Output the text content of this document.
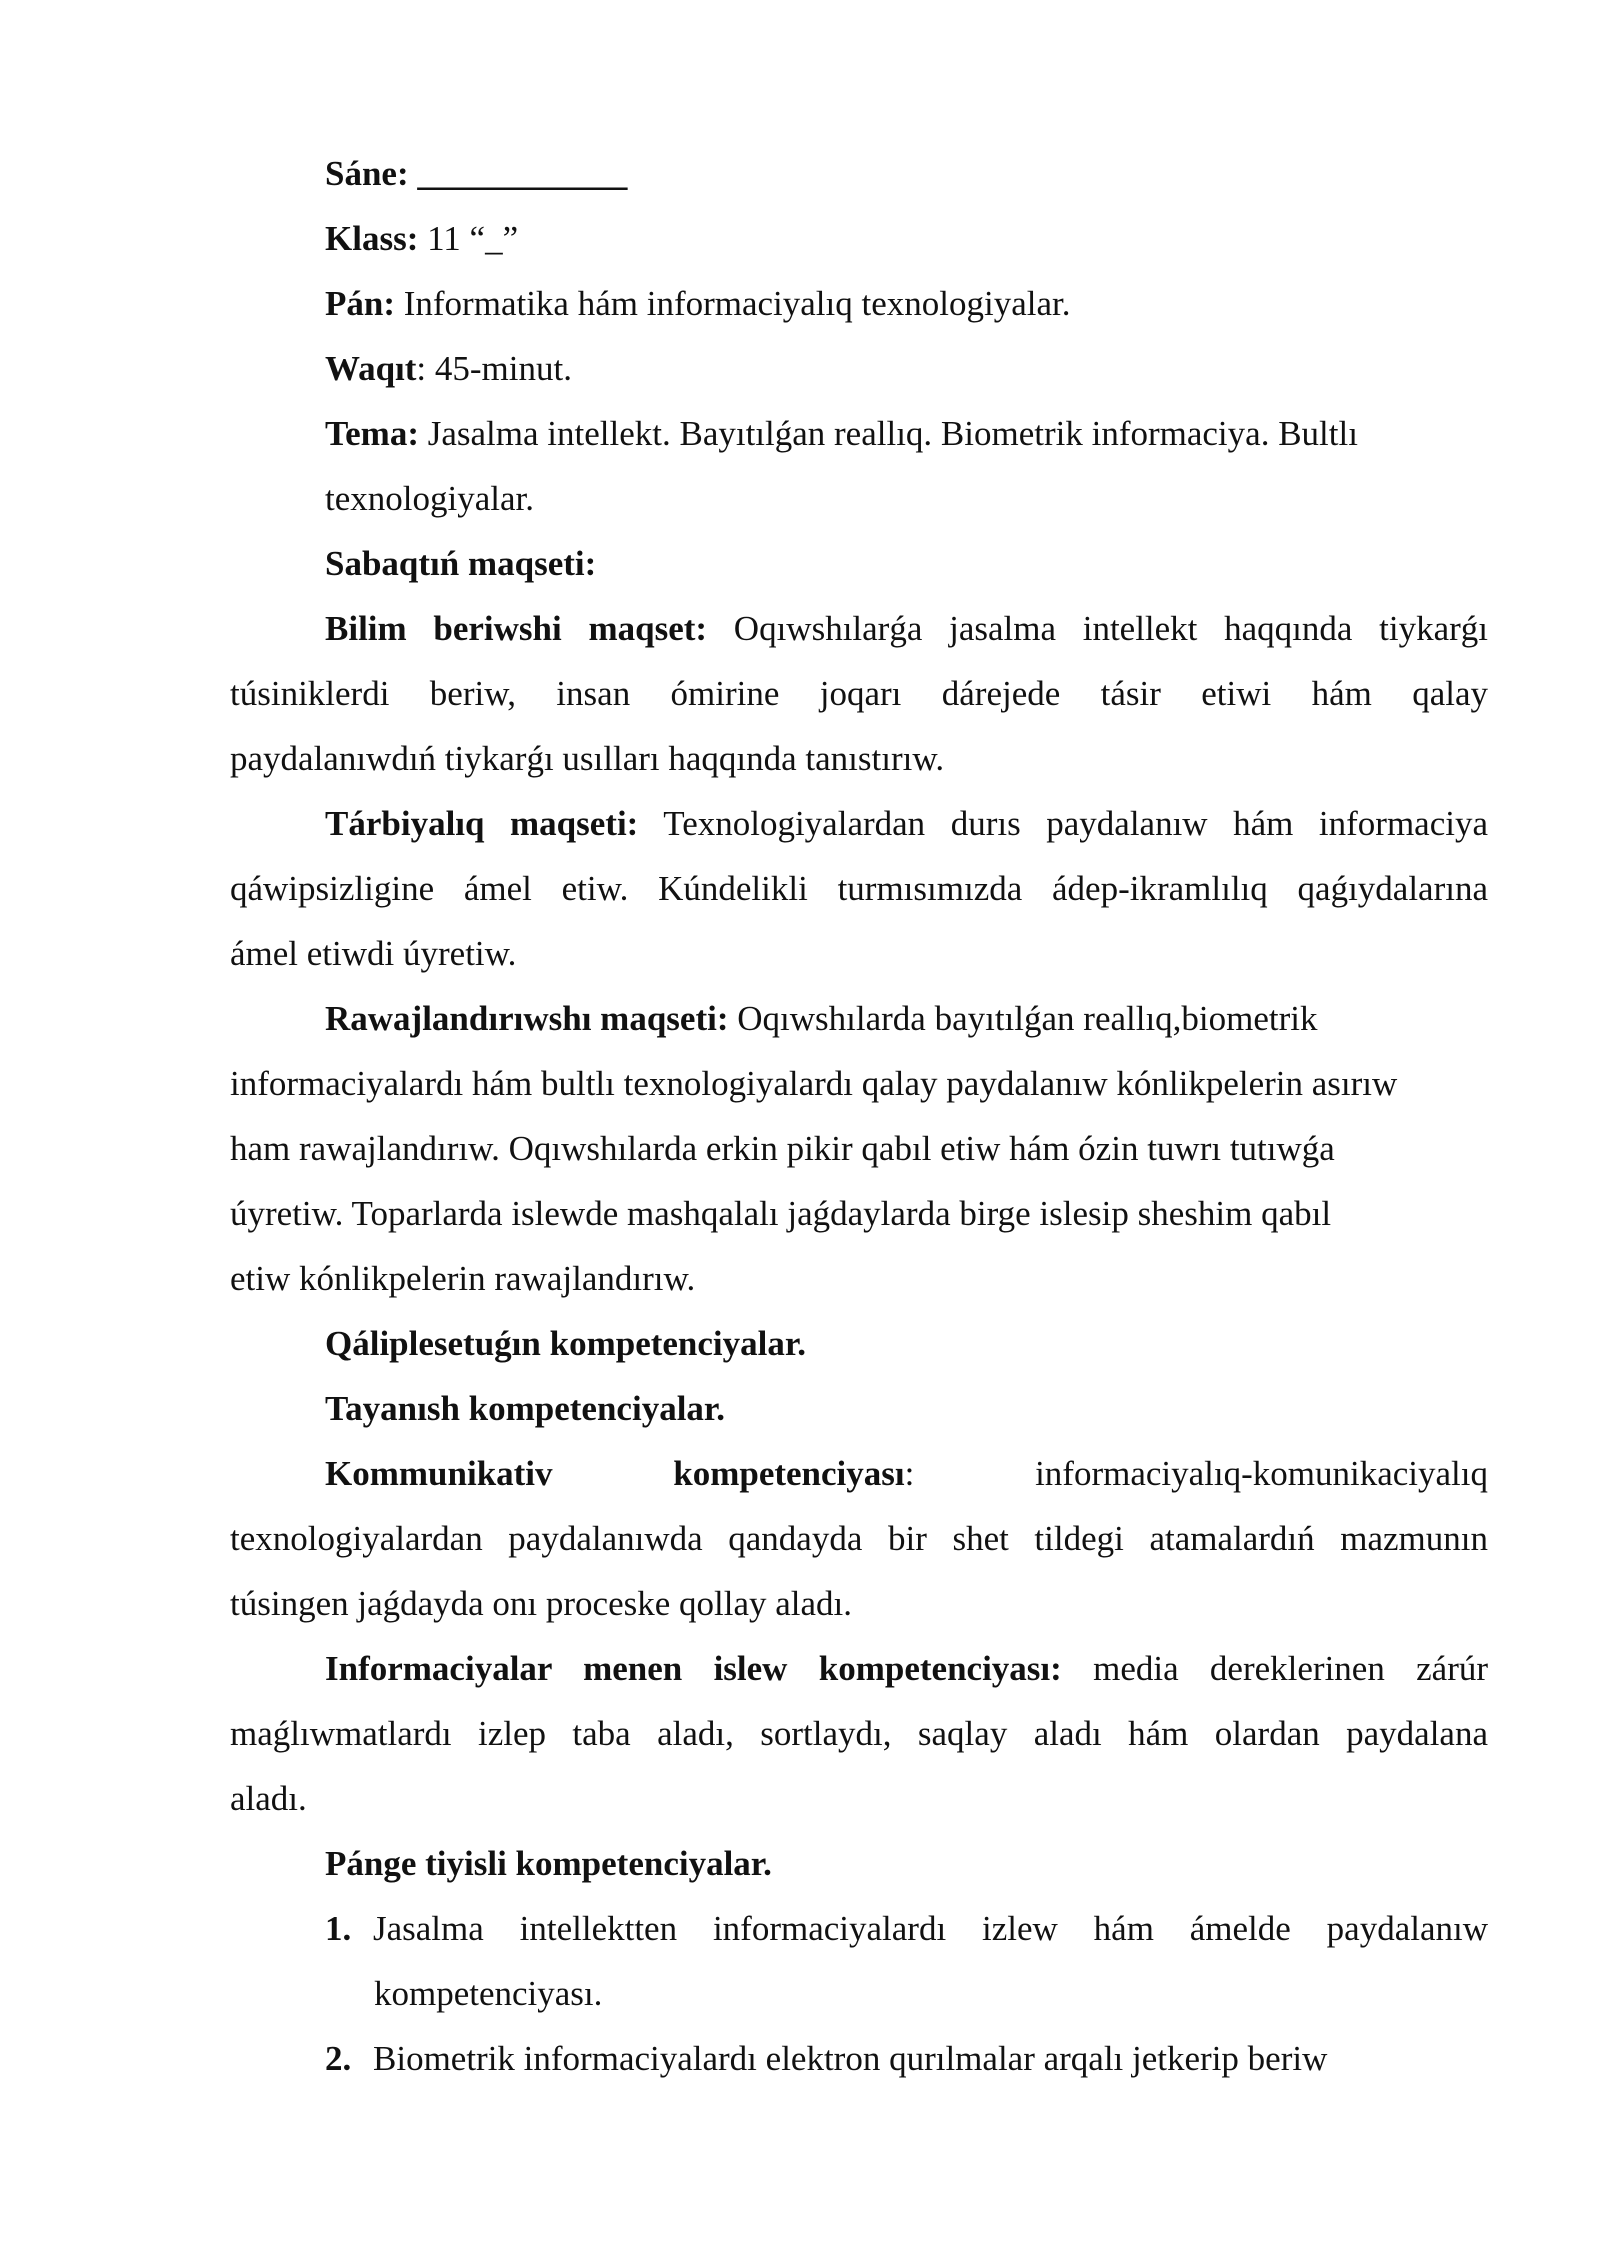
Sáne: ____________
Klass: 11 “_”
Pán: Informatika hám informaciyalıq texnologiyalar.
Waqıt: 45-minut.
Tema: Jasalma intellekt. Bayıtılǵan reallıq. Biometrik informaciya. Bultlı
texnologiyalar.
Sabaqtıń maqseti:
Bilim beriwshi maqset: Oqıwshılarǵa jasalma intellekt haqqında tiykarǵı
túsiniklerdi beriw, insan ómirine joqarı dárejede tásir etiwi hám qalay
paydalanıwdıń tiykarǵı usılları haqqında tanıstırıw.
Tárbiyalıq maqseti: Texnologiyalardan durıs paydalanıw hám informaciya
qáwipsizligine ámel etiw. Kúndelikli turmısımızda ádep-ikramlılıq qaǵıydalarına
ámel etiwdi úyretiw.
Rawajlandırıwshı maqseti: Oqıwshılarda bayıtılǵan reallıq,biometrik
informaciyalardı hám bultlı texnologiyalardı qalay paydalanıw kónlikpelerin asırıw
ham rawajlandırıw. Oqıwshılarda erkin pikir qabıl etiw hám ózin tuwrı tutıwǵa
úyretiw. Toparlarda islewde mashqalalı jaǵdaylarda birge islesip sheshim qabıl
etiw kónlikpelerin rawajlandırıw.
Qáliplesetuǵın kompetenciyalar.
Tayanısh kompetenciyalar.
Kommunikativ	kompetenciyası:	informaciyalıq-komunikaciyalıq
texnologiyalardan paydalanıwda qandayda bir shet tildegi atamalardıń mazmunın
túsingen jaǵdayda onı proceske qollay aladı.
Informaciyalar menen islew kompetenciyası: media dereklerinen zárúr
maǵlıwmatlardı izlep taba aladı, sortlaydı, saqlay aladı hám olardan paydalana
aladı.
Pánge tiyisli kompetenciyalar.
1. Jasalma intellektten informaciyalardı izlew hám ámelde paydalanıw
kompetenciyası.
2. Biometrik informaciyalardı elektron qurılmalar arqalı jetkerip beriw
